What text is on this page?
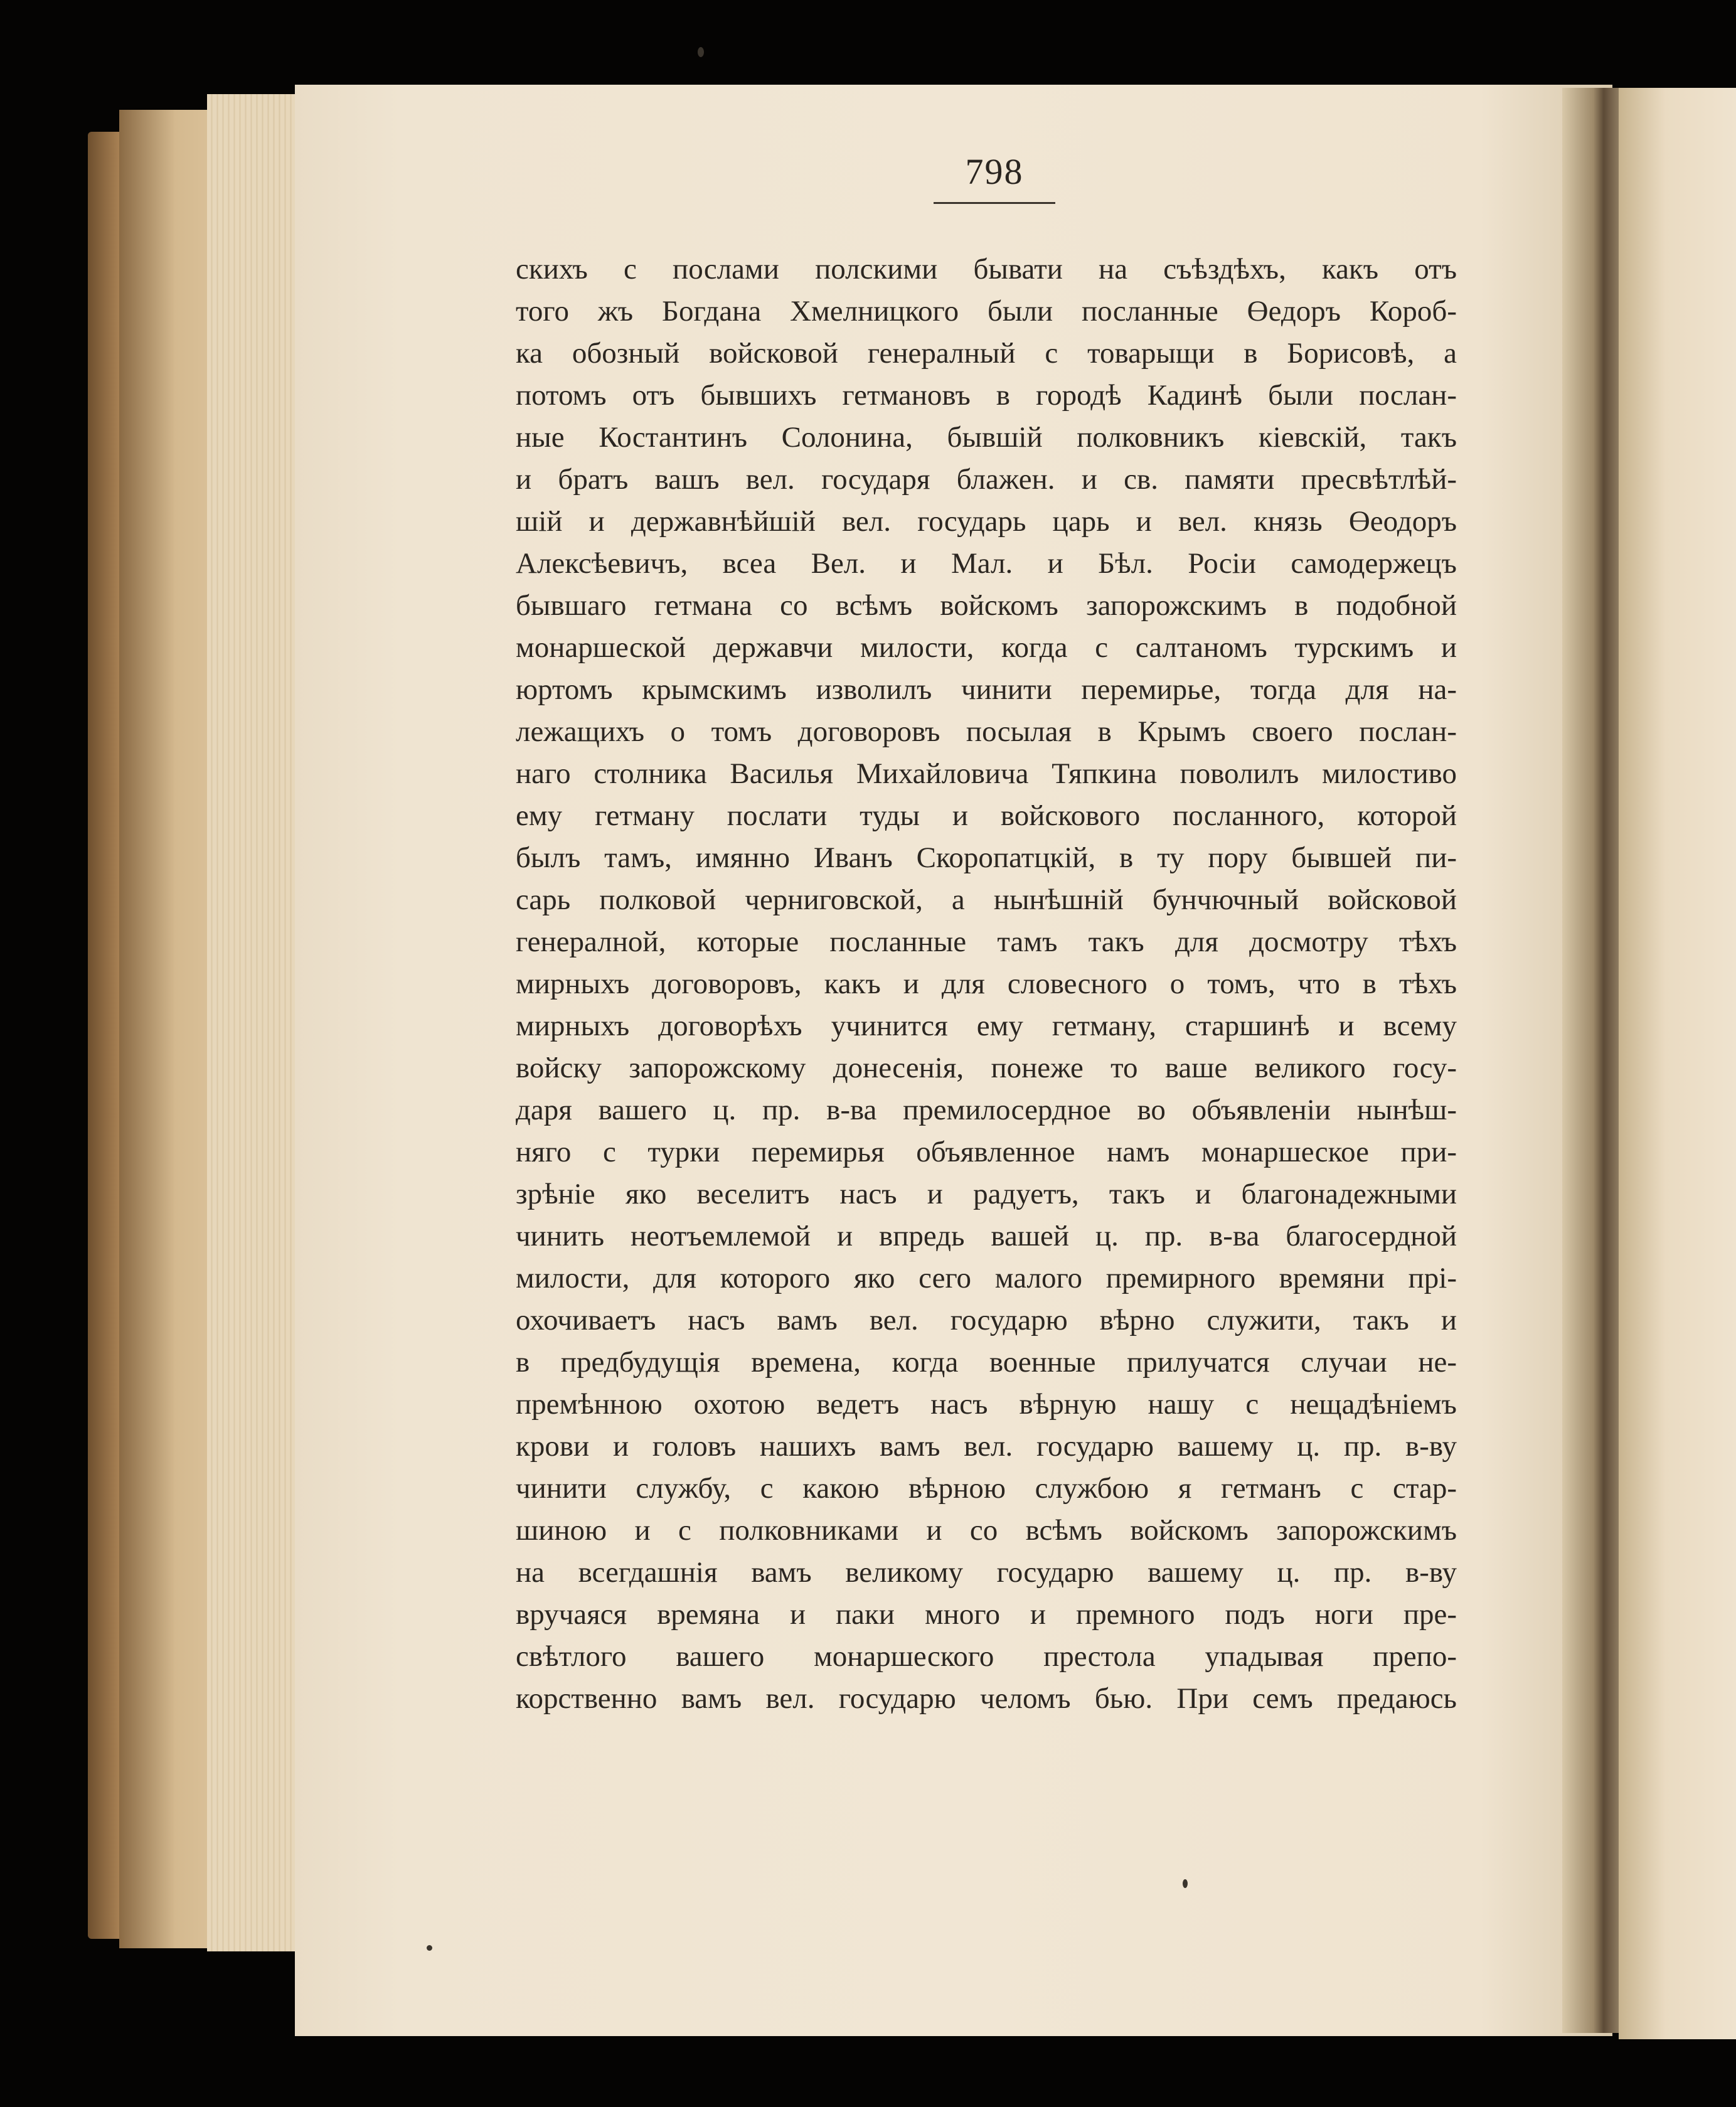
798
скихъ с послами полскими бывати на съѣздѣхъ, какъ отъ
того жъ Богдана Хмелницкого были посланные Өедоръ Короб-
ка обозный войсковой генералный с товарыщи в Борисовѣ, а
потомъ отъ бывшихъ гетмановъ в городѣ Кадинѣ были послан-
ные Костантинъ Солонина, бывшій полковникъ кіевскій, такъ
и братъ вашъ вел. государя блажен. и св. памяти пресвѣтлѣй-
шій и державнѣйшій вел. государь царь и вел. князь Өеодоръ
Алексѣевичъ, всеа Вел. и Мал. и Бѣл. Росіи самодержецъ
бывшаго гетмана со всѣмъ войскомъ запорожскимъ в подобной
монаршеской державчи милости, когда с салтаномъ турскимъ и
юртомъ крымскимъ изволилъ чинити перемирье, тогда для на-
лежащихъ о томъ договоровъ посылая в Крымъ своего послан-
наго столника Василья Михайловича Тяпкина поволилъ милостиво
ему гетману послати туды и войскового посланного, которой
былъ тамъ, имянно Иванъ Скоропатцкій, в ту пору бывшей пи-
сарь полковой черниговской, а нынѣшній бунчючный войсковой
генералной, которые посланные тамъ такъ для досмотру тѣхъ
мирныхъ договоровъ, какъ и для словесного о томъ, что в тѣхъ
мирныхъ договорѣхъ учинится ему гетману, старшинѣ и всему
войску запорожскому донесенія, понеже то ваше великого госу-
даря вашего ц. пр. в-ва премилосердное во объявленіи нынѣш-
няго с турки перемирья объявленное намъ монаршеское при-
зрѣніе яко веселитъ насъ и радуетъ, такъ и благонадежными
чинить неотъемлемой и впредь вашей ц. пр. в-ва благосердной
милости, для которого яко сего малого премирного времяни прі-
охочиваетъ насъ вамъ вел. государю вѣрно служити, такъ и
в предбудущія времена, когда военные прилучатся случаи не-
премѣнною охотою ведетъ насъ вѣрную нашу с нещадѣніемъ
крови и головъ нашихъ вамъ вел. государю вашему ц. пр. в-ву
чинити службу, с какою вѣрною службою я гетманъ с стар-
шиною и с полковниками и со всѣмъ войскомъ запорожскимъ
на всегдашнія вамъ великому государю вашему ц. пр. в-ву
вручаяся времяна и паки много и премного подъ ноги пре-
свѣтлого вашего монаршеского престола упадывая препо-
корственно вамъ вел. государю челомъ бью. При семъ предаюсь
